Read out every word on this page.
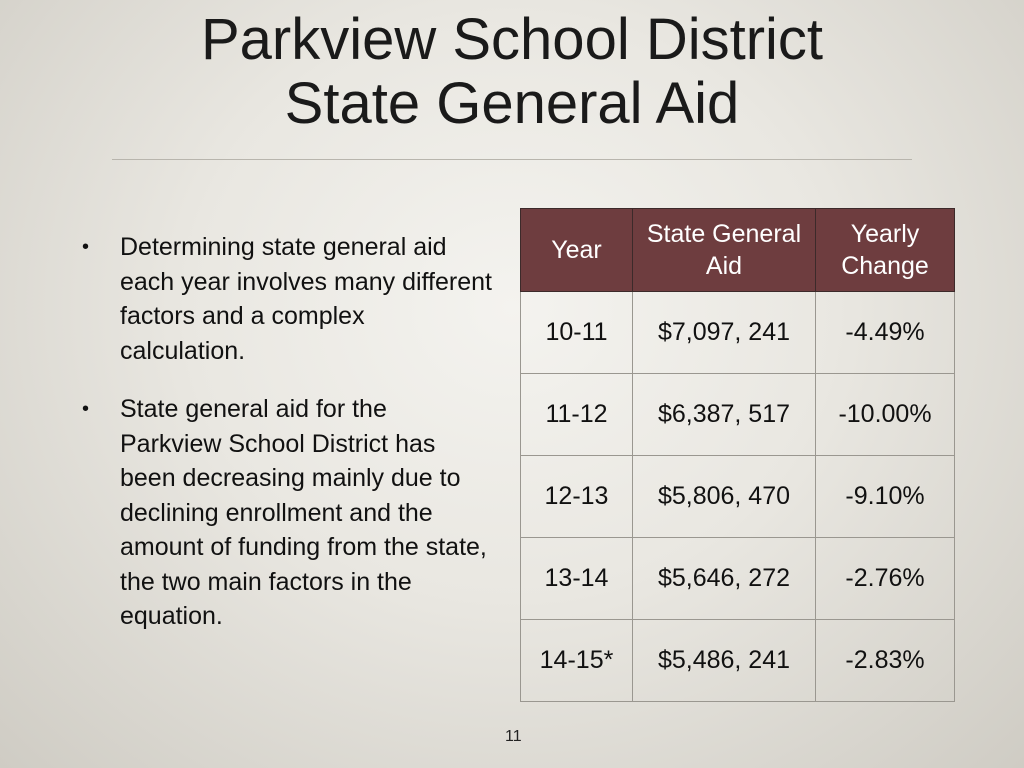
Parkview School District
State General Aid
• Determining state general aid each year involves many different factors and a complex calculation.
• State general aid for the Parkview School District has been decreasing mainly due to declining enrollment and the amount of funding from the state, the two main factors in the equation.
Year	State General Aid	Yearly Change
10-11	$7,097, 241	-4.49%
11-12	$6,387, 517	-10.00%
12-13	$5,806, 470	-9.10%
13-14	$5,646, 272	-2.76%
14-15*	$5,486, 241	-2.83%
11
